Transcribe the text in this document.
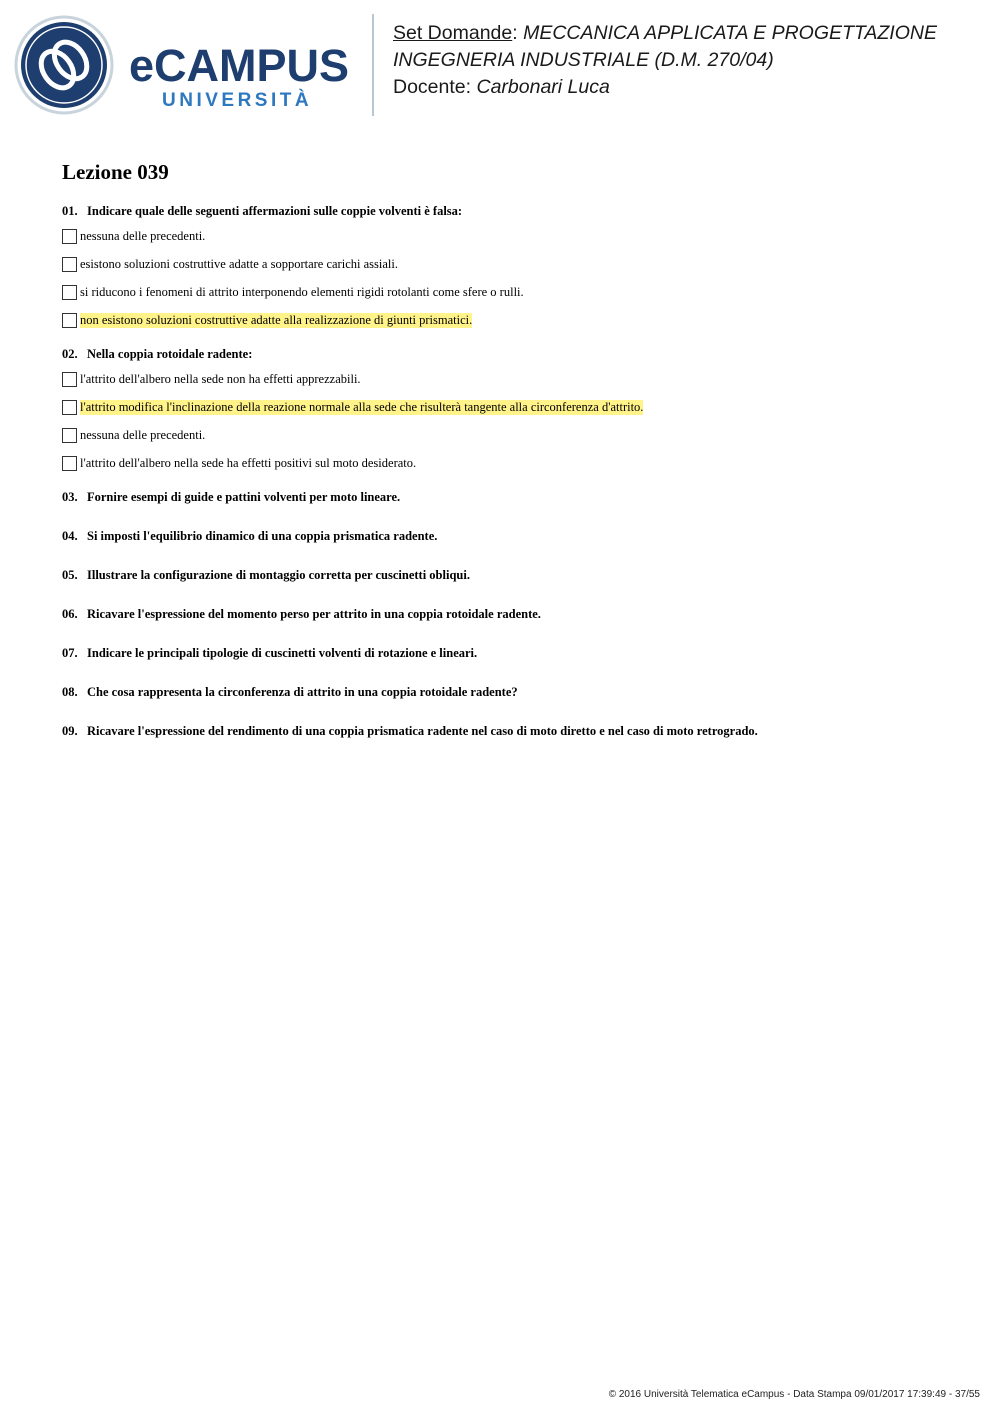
eCAMPUS
UNIVERSITÀ
Set Domande: MECCANICA APPLICATA E PROGETTAZIONE
INGEGNERIA INDUSTRIALE (D.M. 270/04)
Docente: Carbonari Luca
Lezione 039
01. Indicare quale delle seguenti affermazioni sulle coppie volventi è falsa:
nessuna delle precedenti.
esistono soluzioni costruttive adatte a sopportare carichi assiali.
si riducono i fenomeni di attrito interponendo elementi rigidi rotolanti come sfere o rulli.
non esistono soluzioni costruttive adatte alla realizzazione di giunti prismatici.
02. Nella coppia rotoidale radente:
l'attrito dell'albero nella sede non ha effetti apprezzabili.
l'attrito modifica l'inclinazione della reazione normale alla sede che risulterà tangente alla circonferenza d'attrito.
nessuna delle precedenti.
l'attrito dell'albero nella sede ha effetti positivi sul moto desiderato.
03. Fornire esempi di guide e pattini volventi per moto lineare.
04. Si imposti l'equilibrio dinamico di una coppia prismatica radente.
05. Illustrare la configurazione di montaggio corretta per cuscinetti obliqui.
06. Ricavare l'espressione del momento perso per attrito in una coppia rotoidale radente.
07. Indicare le principali tipologie di cuscinetti volventi di rotazione e lineari.
08. Che cosa rappresenta la circonferenza di attrito in una coppia rotoidale radente?
09. Ricavare l'espressione del rendimento di una coppia prismatica radente nel caso di moto diretto e nel caso di moto retrogrado.
© 2016 Università Telematica eCampus - Data Stampa 09/01/2017 17:39:49 - 37/55
